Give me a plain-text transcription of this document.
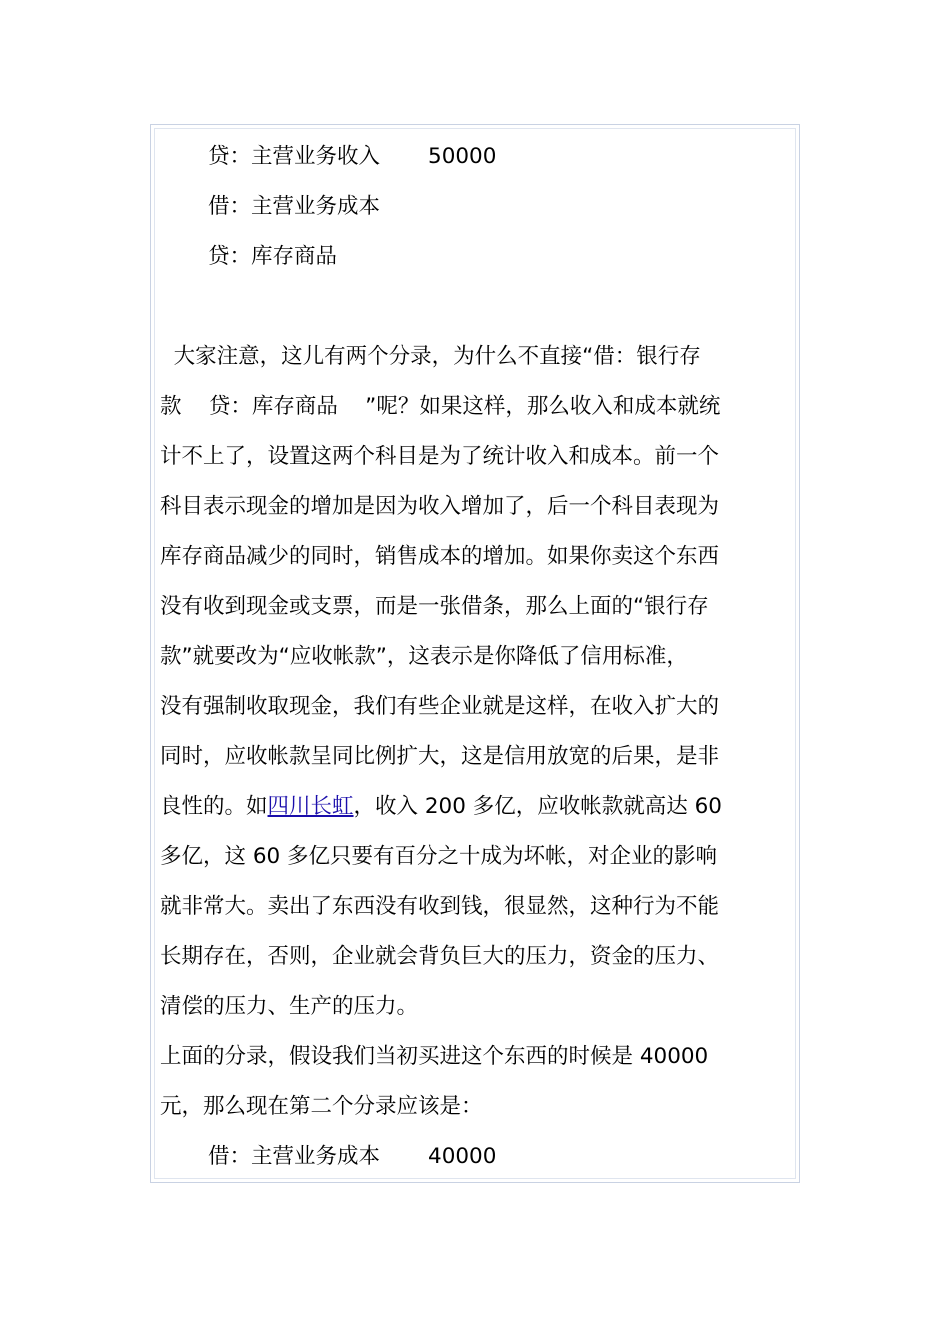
贷：主营业务收入 50000
借：主营业务成本
贷：库存商品
大家注意，这儿有两个分录，为什么不直接“借：银行存
款    贷：库存商品    ”呢？如果这样，那么收入和成本就统
计不上了，设置这两个科目是为了统计收入和成本。前一个
科目表示现金的增加是因为收入增加了，后一个科目表现为
库存商品减少的同时，销售成本的增加。如果你卖这个东西
没有收到现金或支票，而是一张借条，那么上面的“银行存
款”就要改为“应收帐款”，这表示是你降低了信用标准，
没有强制收取现金，我们有些企业就是这样，在收入扩大的
同时，应收帐款呈同比例扩大，这是信用放宽的后果，是非
良性的。如四川长虹，收入 200 多亿，应收帐款就高达 60
多亿，这 60 多亿只要有百分之十成为坏帐，对企业的影响
就非常大。卖出了东西没有收到钱，很显然，这种行为不能
长期存在，否则，企业就会背负巨大的压力，资金的压力、
清偿的压力、生产的压力。
上面的分录，假设我们当初买进这个东西的时候是 40000
元，那么现在第二个分录应该是：
借：主营业务成本 40000
